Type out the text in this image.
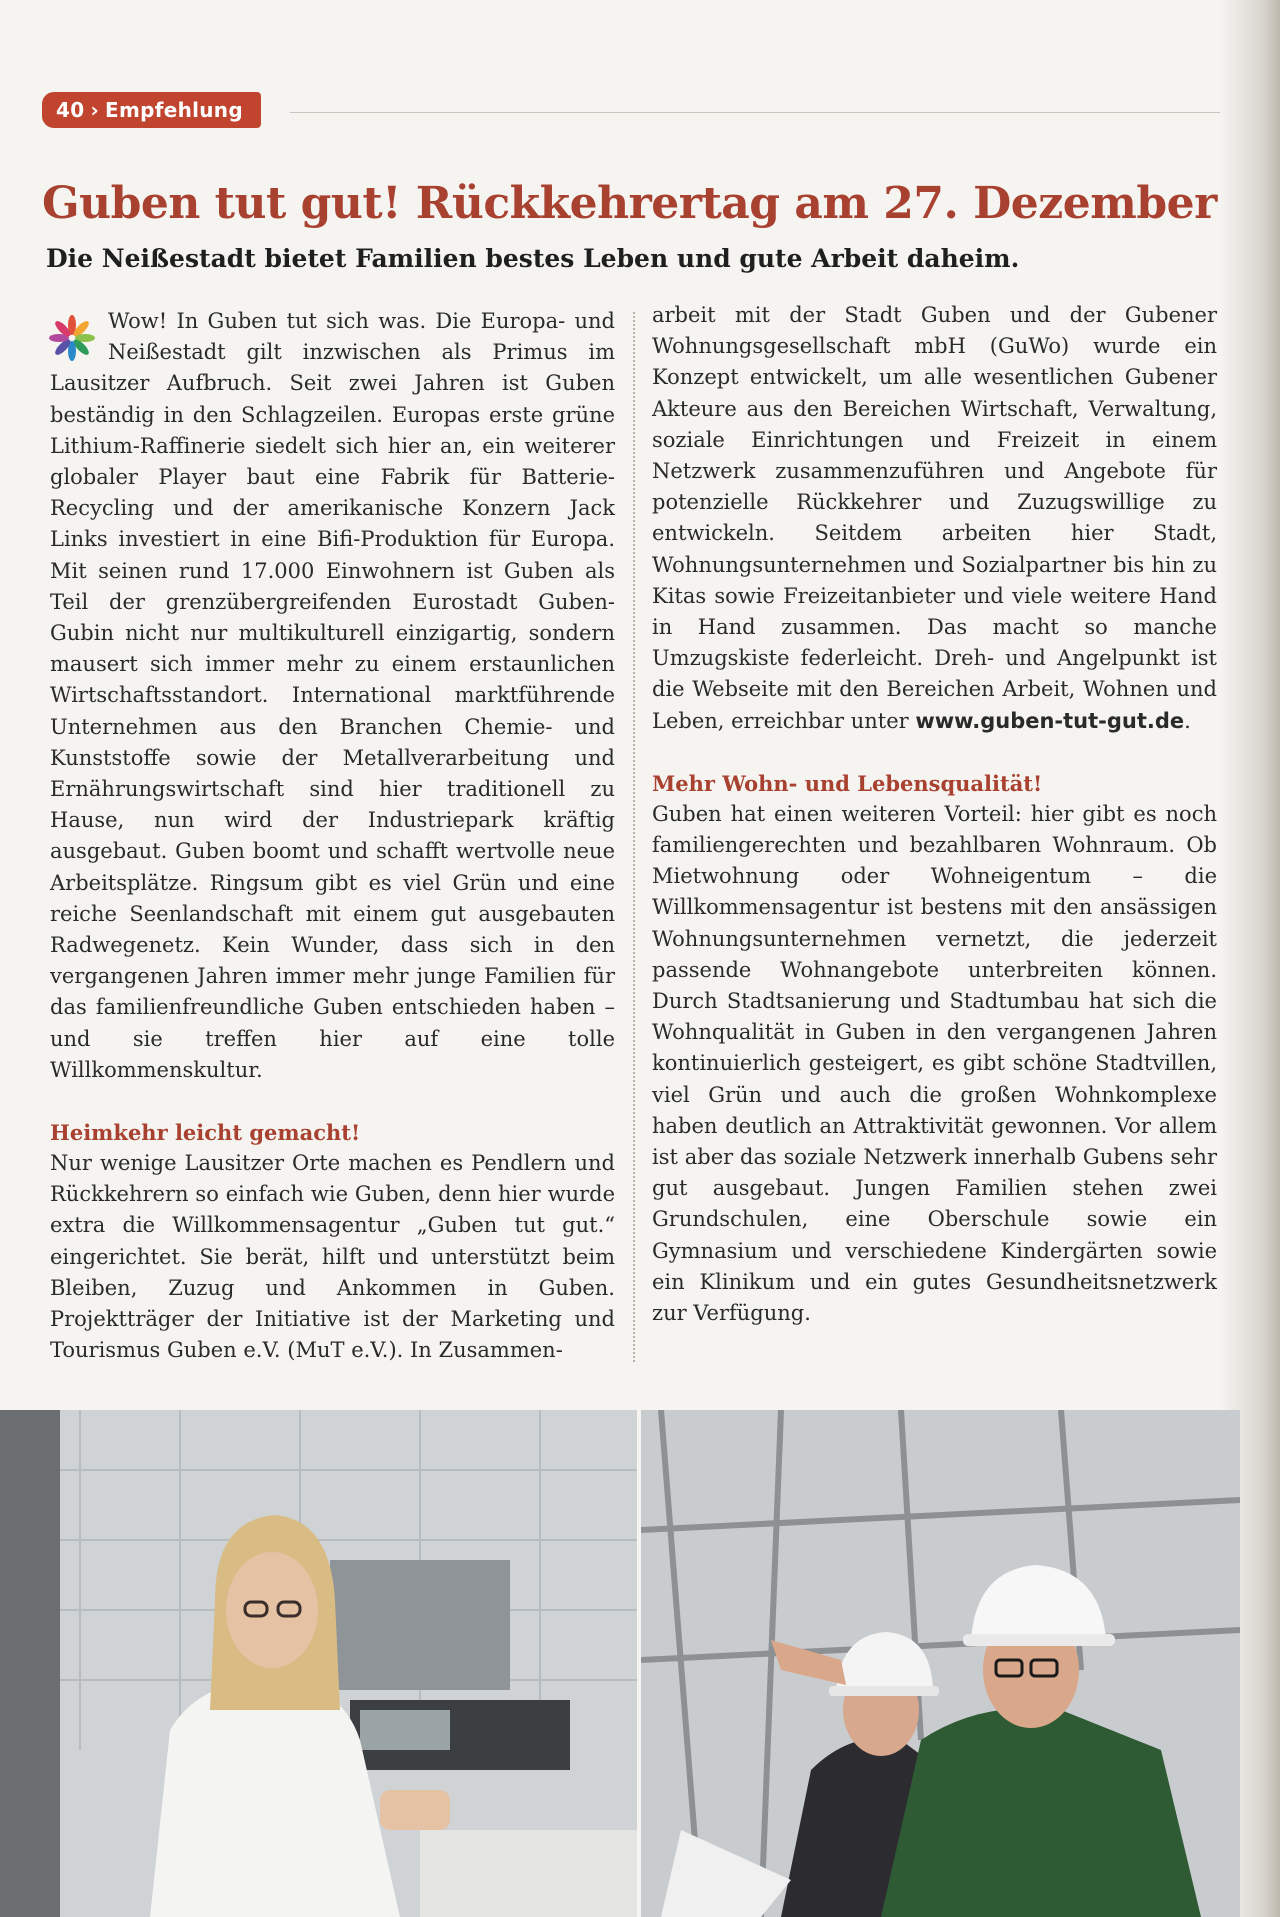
40 › Empfehlung
Guben tut gut! Rückkehrertag am 27. Dezember
Die Neißestadt bietet Familien bestes Leben und gute Arbeit daheim.

Wow! In Guben tut sich was. Die Europa- und Neißestadt gilt inzwischen als Primus im Lausitzer Aufbruch. Seit zwei Jahren ist Guben beständig in den Schlagzeilen. Europas erste grüne Lithium-Raffinerie siedelt sich hier an, ein weiterer globaler Player baut eine Fabrik für Batterie-Recycling und der amerikanische Konzern Jack Links investiert in eine Bifi-Produktion für Europa. Mit seinen rund 17.000 Einwohnern ist Guben als Teil der grenzübergreifenden Eurostadt Guben-Gubin nicht nur multikulturell einzigartig, sondern mausert sich immer mehr zu einem erstaunlichen Wirtschaftsstandort. International marktführende Unternehmen aus den Branchen Chemie- und Kunststoffe sowie der Metallverarbeitung und Ernährungswirtschaft sind hier traditionell zu Hause, nun wird der Industriepark kräftig ausgebaut. Guben boomt und schafft wertvolle neue Arbeitsplätze. Ringsum gibt es viel Grün und eine reiche Seenlandschaft mit einem gut ausgebauten Radwegenetz. Kein Wunder, dass sich in den vergangenen Jahren immer mehr junge Familien für das familienfreundliche Guben entschieden haben – und sie treffen hier auf eine tolle Willkommenskultur.

Heimkehr leicht gemacht!

Nur wenige Lausitzer Orte machen es Pendlern und Rückkehrern so einfach wie Guben, denn hier wurde extra die Willkommensagentur „Guben tut gut.“ eingerichtet. Sie berät, hilft und unterstützt beim Bleiben, Zuzug und Ankommen in Guben. Projektträger der Initiative ist der Marketing und Tourismus Guben e.V. (MuT e.V.). In Zusammen-

arbeit mit der Stadt Guben und der Gubener Wohnungsgesellschaft mbH (GuWo) wurde ein Konzept entwickelt, um alle wesentlichen Gubener Akteure aus den Bereichen Wirtschaft, Verwaltung, soziale Einrichtungen und Freizeit in einem Netzwerk zusammenzuführen und Angebote für potenzielle Rückkehrer und Zuzugswillige zu entwickeln. Seitdem arbeiten hier Stadt, Wohnungsunternehmen und Sozialpartner bis hin zu Kitas sowie Freizeitanbieter und viele weitere Hand in Hand zusammen. Das macht so manche Umzugskiste federleicht. Dreh- und Angelpunkt ist die Webseite mit den Bereichen Arbeit, Wohnen und Leben, erreichbar unter www.guben-tut-gut.de.

Mehr Wohn- und Lebensqualität!

Guben hat einen weiteren Vorteil: hier gibt es noch familiengerechten und bezahlbaren Wohnraum. Ob Mietwohnung oder Wohneigentum – die Willkommensagentur ist bestens mit den ansässigen Wohnungsunternehmen vernetzt, die jederzeit passende Wohnangebote unterbreiten können. Durch Stadtsanierung und Stadtumbau hat sich die Wohnqualität in Guben in den vergangenen Jahren kontinuierlich gesteigert, es gibt schöne Stadtvillen, viel Grün und auch die großen Wohnkomplexe haben deutlich an Attraktivität gewonnen. Vor allem ist aber das soziale Netzwerk innerhalb Gubens sehr gut ausgebaut. Jungen Familien stehen zwei Grundschulen, eine Oberschule sowie ein Gymnasium und verschiedene Kindergärten sowie ein Klinikum und ein gutes Gesundheitsnetzwerk zur Verfügung.
